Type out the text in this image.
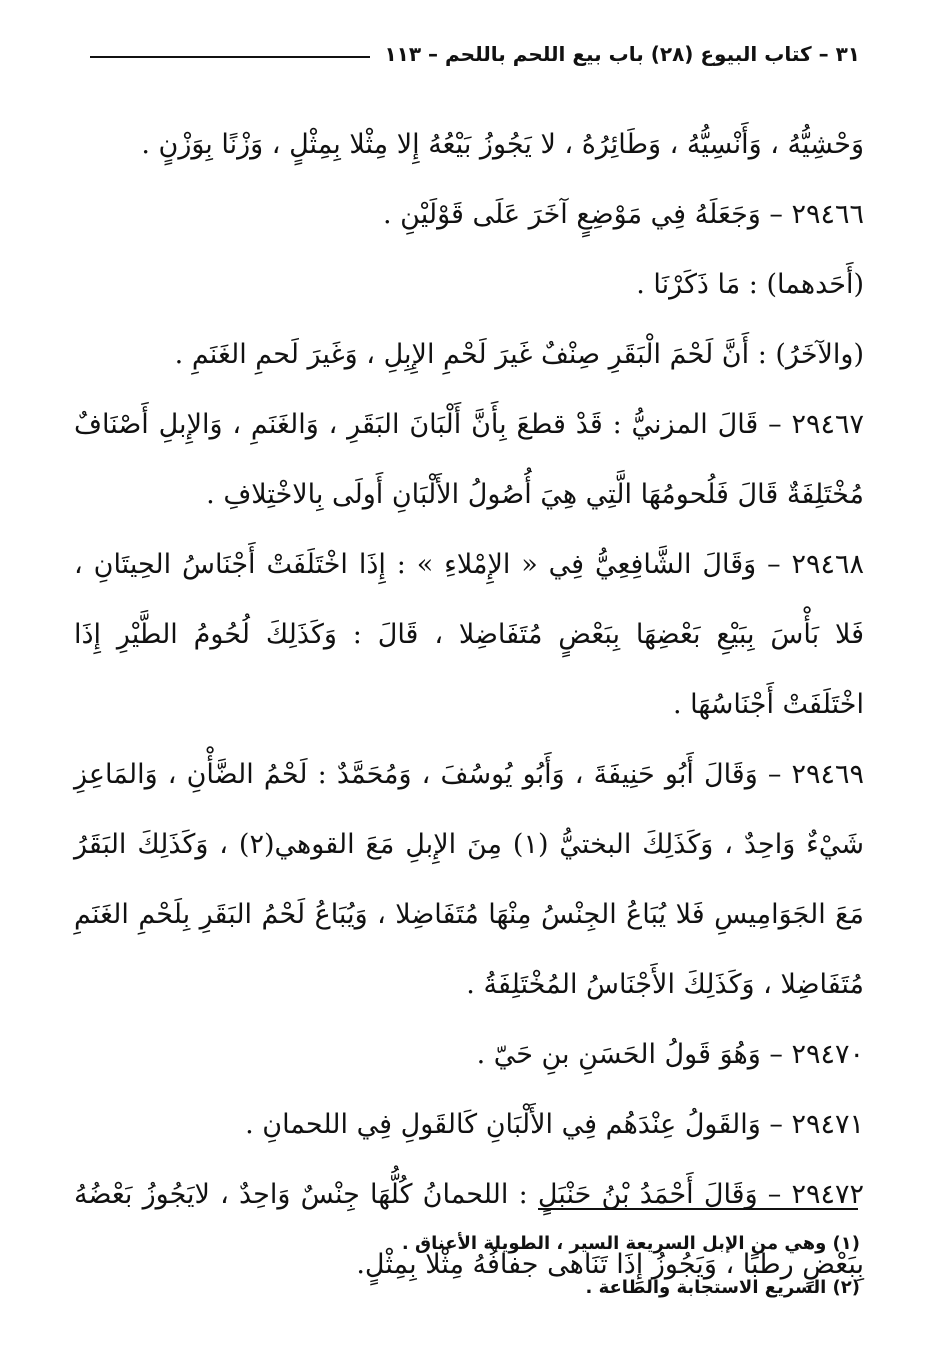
٣١ – كتاب البيوع (٢٨) باب بيع اللحم باللحم – ١١٣

وَحْشِيُّهُ ، وَأَنْسِيُّهُ ، وَطَائِرُهُ ، لا يَجُوزُ بَيْعُهُ إِلا مِثْلا بِمِثْلٍ ، وَزْنًا بِوَزْنٍ .

٢٩٤٦٦ – وَجَعَلَهُ فِي مَوْضِعٍ آخَرَ عَلَى قَوْلَيْنِ .

(أَحَدهما) : مَا ذَكَرْنَا .

(والآخَرُ) : أَنَّ لَحْمَ الْبَقَرِ صِنْفٌ غَيرَ لَحْمِ الإِبِلِ ، وَغَيرَ لَحمِ الغَنَمِ .

٢٩٤٦٧ – قَالَ المزنيُّ : قَدْ قطعَ بِأَنَّ أَلْبَانَ البَقَرِ ، وَالغَنَمِ ، وَالإِبلِ أَصْنَافٌ مُخْتَلِفَةٌ قَالَ فَلُحومُهَا الَّتِي هِيَ أُصُولُ الأَلْبَانِ أَولَى بِالاخْتِلافِ .

٢٩٤٦٨ – وَقَالَ الشَّافِعِيُّ فِي « الإِمْلاءِ » : إِذَا اخْتَلَفَتْ أَجْنَاسُ الحِيتَانِ ، فَلا بَأْسَ بِبَيْعِ بَعْضِهَا بِبَعْضٍ مُتَفَاضِلا ، قَالَ : وَكَذَلِكَ لُحُومُ الطَّيْرِ إِذَا اخْتَلَفَتْ أَجْنَاسُهَا .

٢٩٤٦٩ – وَقَالَ أَبُو حَنِيفَةَ ، وَأَبُو يُوسُفَ ، وَمُحَمَّدٌ : لَحْمُ الضَّأْنِ ، وَالمَاعِزِ شَيْءٌ وَاحِدٌ ، وَكَذَلِكَ البختيُّ (١) مِنَ الإِبلِ مَعَ القوهي(٢) ، وَكَذَلِكَ البَقَرُ مَعَ الجَوَامِيسِ فَلا يُبَاعُ الجِنْسُ مِنْهَا مُتَفَاضِلا ، وَيُبَاعُ لَحْمُ البَقَرِ بِلَحْمِ الغَنَمِ مُتَفَاضِلا ، وَكَذَلِكَ الأَجْنَاسُ المُخْتَلِفَةُ .

٢٩٤٧٠ – وَهُوَ قَولُ الحَسَنِ بنِ حَيّ .

٢٩٤٧١ – وَالقَولُ عِنْدَهُم فِي الأَلْبَانِ كَالقَولِ فِي اللحمانِ .

٢٩٤٧٢ – وَقَالَ أَحْمَدُ بْنُ حَنْبَلٍ : اللحمانُ كُلُّهَا جِنْسٌ وَاحِدٌ ، لايَجُوزُ بَعْضُهُ بِبَعْضٍ رطبًا ، وَيَجُوزُ إِذَا تَنَاهى جفافُهُ مِثْلا بِمِثْلٍ.

(١) وهي من الإبل السريعة السير ، الطويلة الأعناق .

(٢) السريع الاستجابة والطاعة .
